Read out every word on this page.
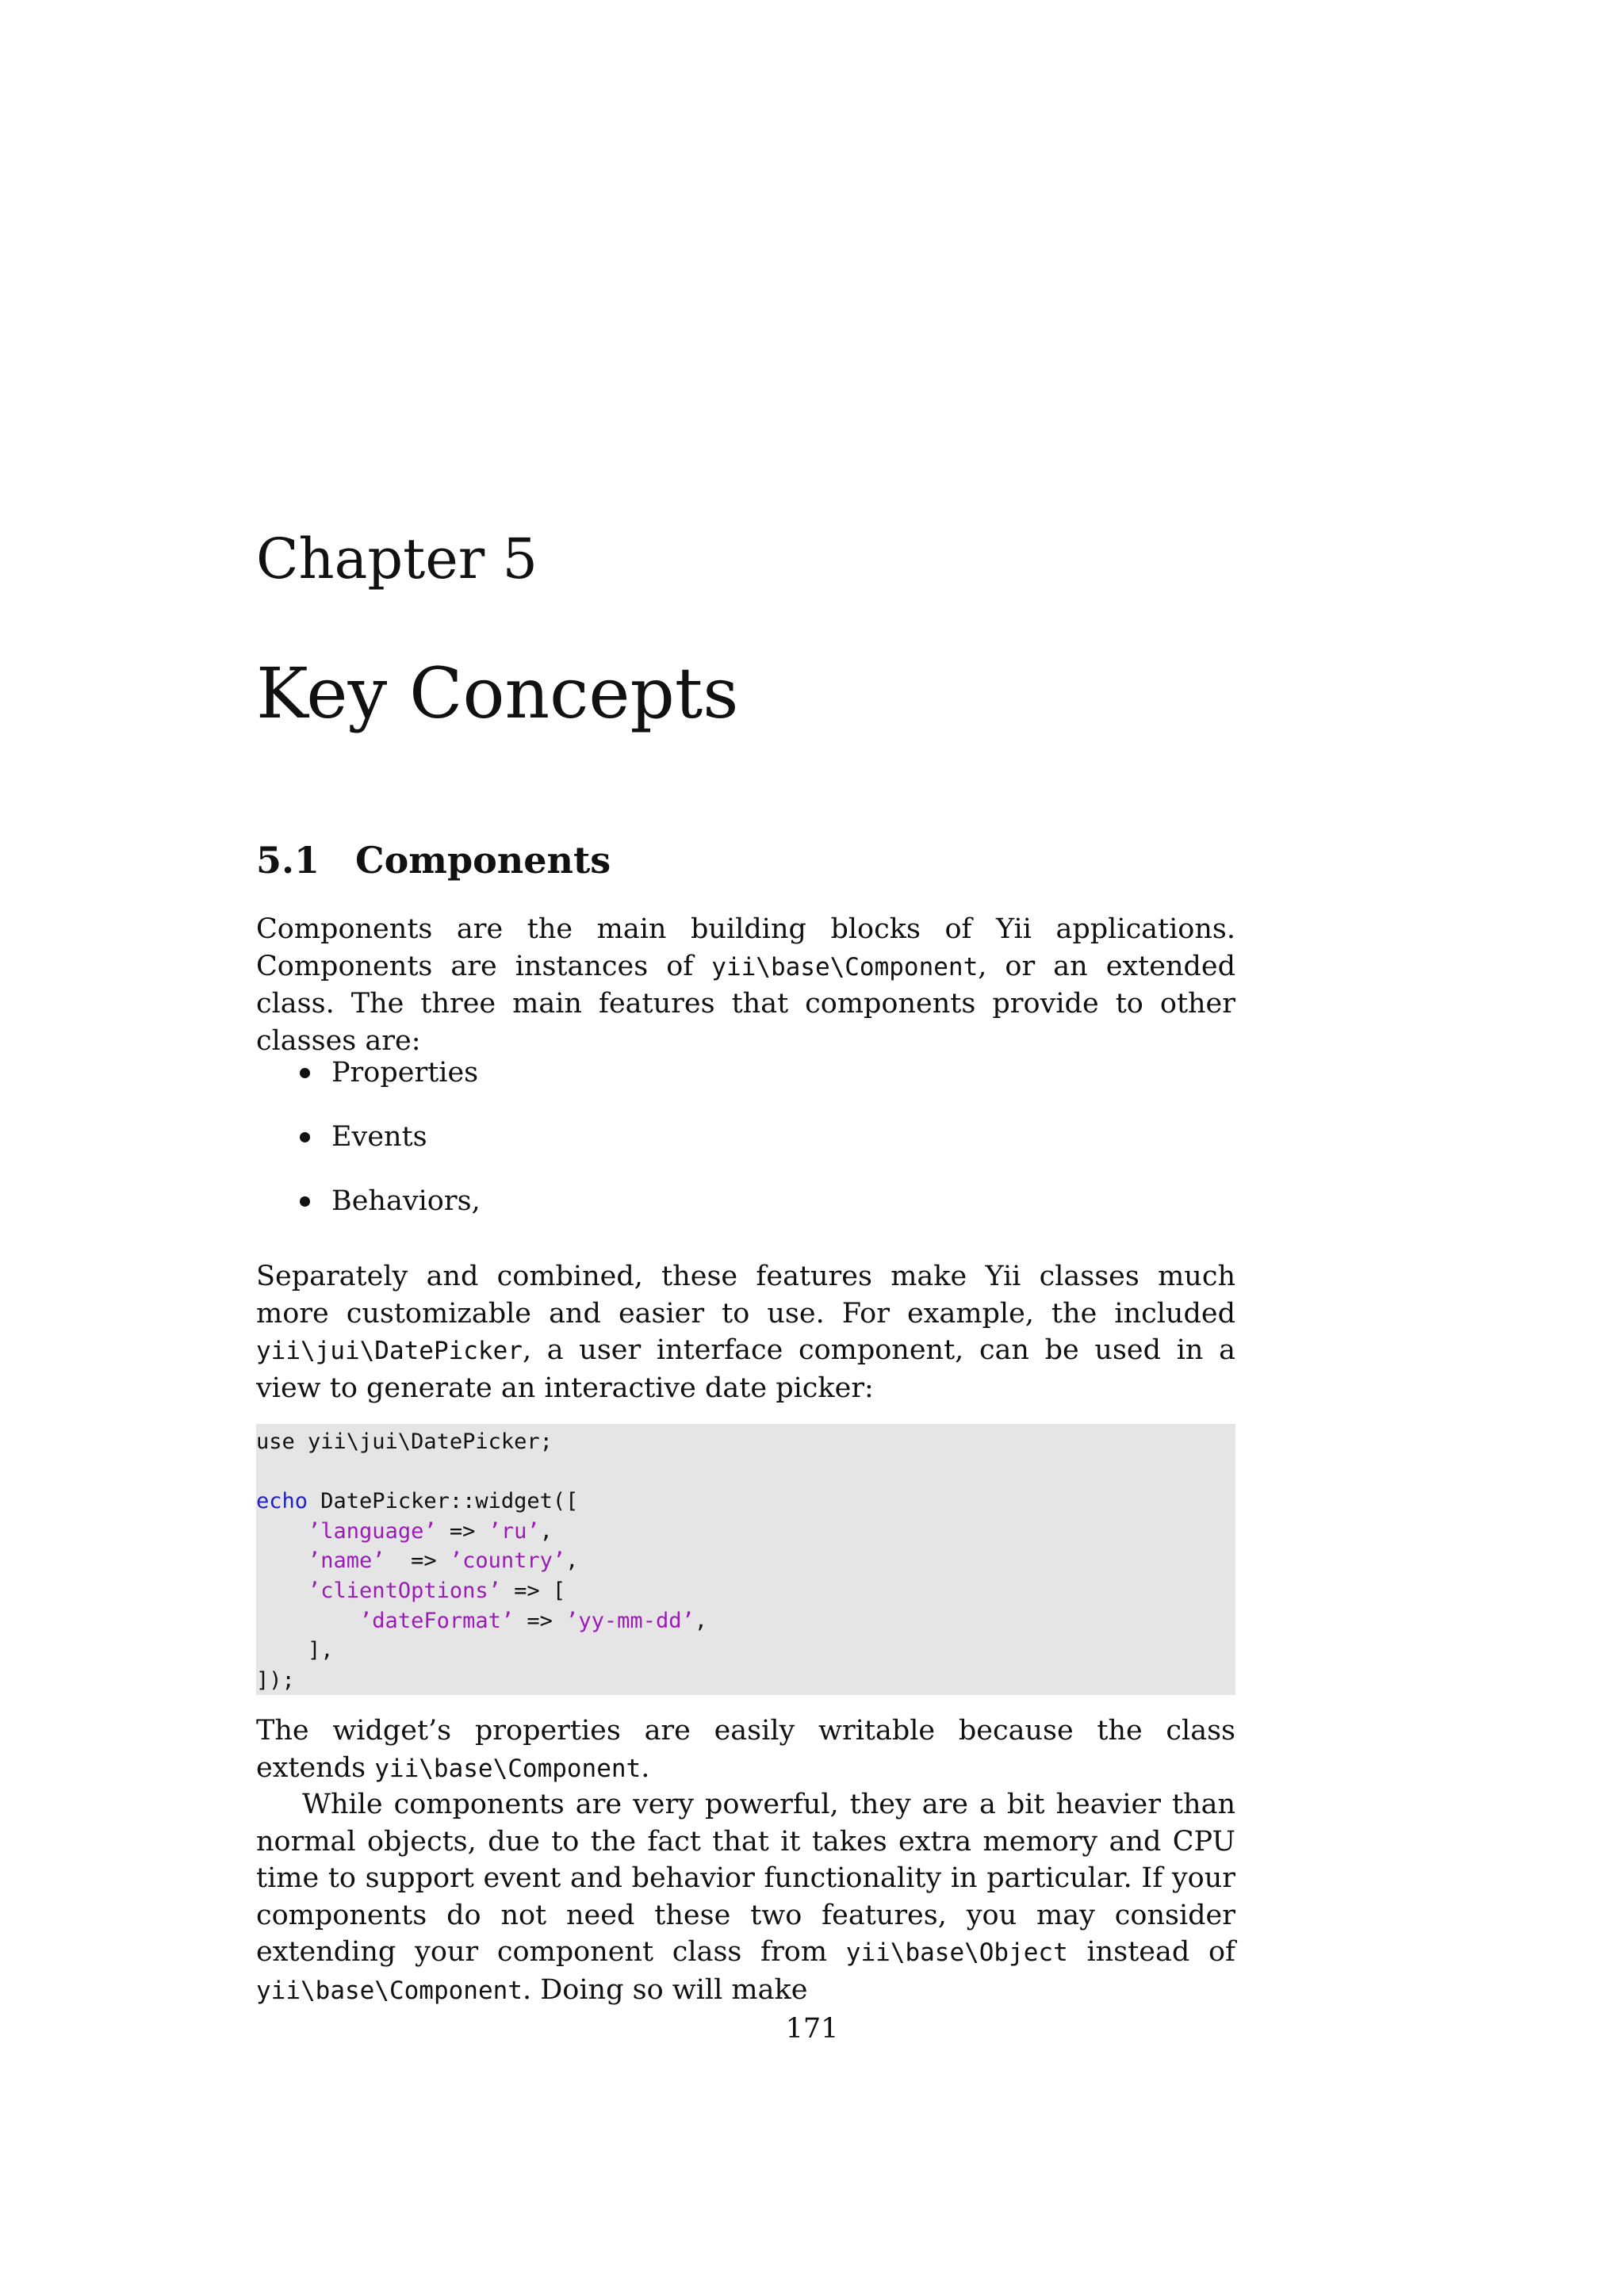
Chapter 5
Key Concepts
5.1 Components

Components are the main building blocks of Yii applications. Components are instances of yii\base\Component, or an extended class. The three main features that components provide to other classes are:

Properties
Events
Behaviors,

Separately and combined, these features make Yii classes much more customizable and easier to use. For example, the included yii\jui\DatePicker, a user interface component, can be used in a view to generate an interactive date picker:

use yii\jui\DatePicker;
echo DatePicker::widget([
’language’ => ’ru’,
’name’  => ’country’,
’clientOptions’ => [
’dateFormat’ => ’yy-mm-dd’,
],
]);

The widget’s properties are easily writable because the class extends yii\base\Component.

While components are very powerful, they are a bit heavier than normal objects, due to the fact that it takes extra memory and CPU time to support event and behavior functionality in particular. If your components do not need these two features, you may consider extending your component class from yii\base\Object instead of yii\base\Component. Doing so will make

171
